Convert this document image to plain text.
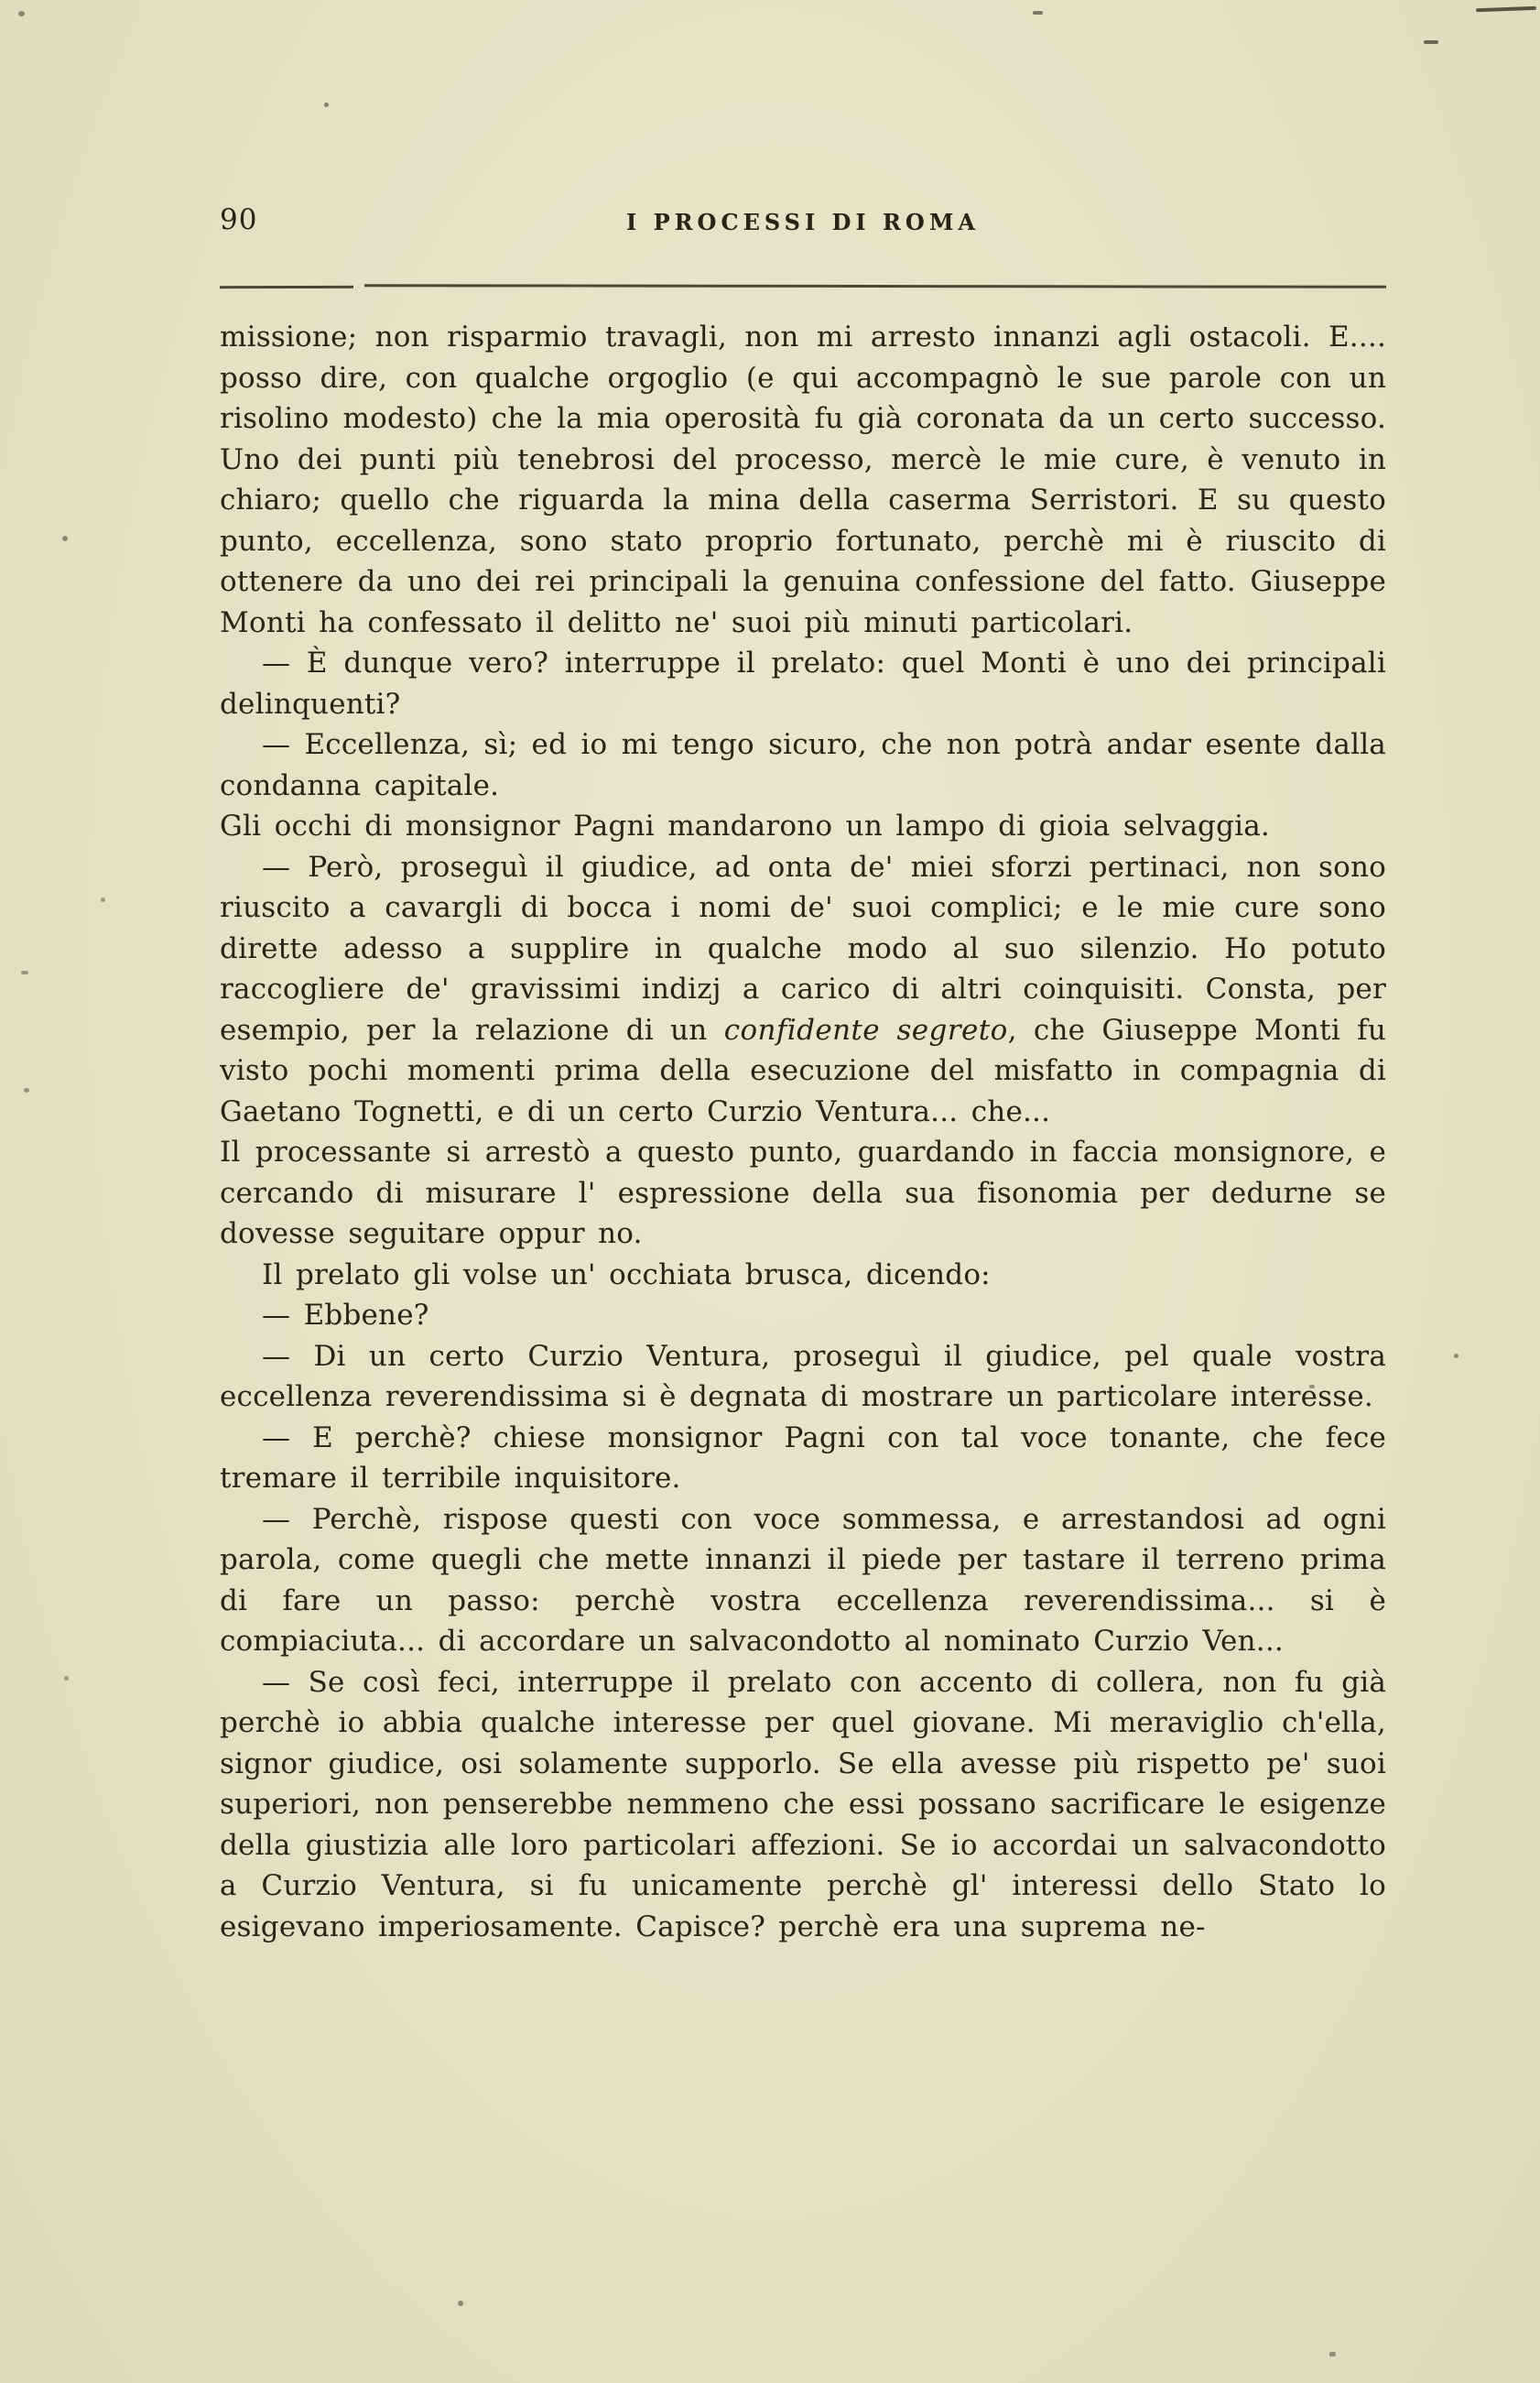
90	I PROCESSI DI ROMA

missione; non risparmio travagli, non mi arresto innanzi agli ostacoli. E.... posso dire, con qualche orgoglio (e qui accompagnò le sue parole con un risolino modesto) che la mia operosità fu già coronata da un certo successo. Uno dei punti più tenebrosi del processo, mercè le mie cure, è venuto in chiaro; quello che riguarda la mina della caserma Serristori. E su questo punto, eccellenza, sono stato proprio fortunato, perchè mi è riuscito di ottenere da uno dei rei principali la genuina confessione del fatto. Giuseppe Monti ha confessato il delitto ne' suoi più minuti particolari.

— È dunque vero? interruppe il prelato: quel Monti è uno dei principali delinquenti?

— Eccellenza, sì; ed io mi tengo sicuro, che non potrà andar esente dalla condanna capitale.

Gli occhi di monsignor Pagni mandarono un lampo di gioia selvaggia.

— Però, proseguì il giudice, ad onta de' miei sforzi pertinaci, non sono riuscito a cavargli di bocca i nomi de' suoi complici; e le mie cure sono dirette adesso a supplire in qualche modo al suo silenzio. Ho potuto raccogliere de' gravissimi indizj a carico di altri coinquisiti. Consta, per esempio, per la relazione di un confidente segreto, che Giuseppe Monti fu visto pochi momenti prima della esecuzione del misfatto in compagnia di Gaetano Tognetti, e di un certo Curzio Ventura... che...

Il processante si arrestò a questo punto, guardando in faccia monsignore, e cercando di misurare l' espressione della sua fisonomia per dedurne se dovesse seguitare oppur no.

Il prelato gli volse un' occhiata brusca, dicendo:

— Ebbene?

— Di un certo Curzio Ventura, proseguì il giudice, pel quale vostra eccellenza reverendissima si è degnata di mostrare un particolare interesse.

— E perchè? chiese monsignor Pagni con tal voce tonante, che fece tremare il terribile inquisitore.

— Perchè, rispose questi con voce sommessa, e arrestandosi ad ogni parola, come quegli che mette innanzi il piede per tastare il terreno prima di fare un passo: perchè vostra eccellenza reverendissima... si è compiaciuta... di accordare un salvacondotto al nominato Curzio Ven...

— Se così feci, interruppe il prelato con accento di collera, non fu già perchè io abbia qualche interesse per quel giovane. Mi meraviglio ch'ella, signor giudice, osi solamente supporlo. Se ella avesse più rispetto pe' suoi superiori, non penserebbe nemmeno che essi possano sacrificare le esigenze della giustizia alle loro particolari affezioni. Se io accordai un salvacondotto a Curzio Ventura, si fu unicamente perchè gl' interessi dello Stato lo esigevano imperiosamente. Capisce? perchè era una suprema ne-
